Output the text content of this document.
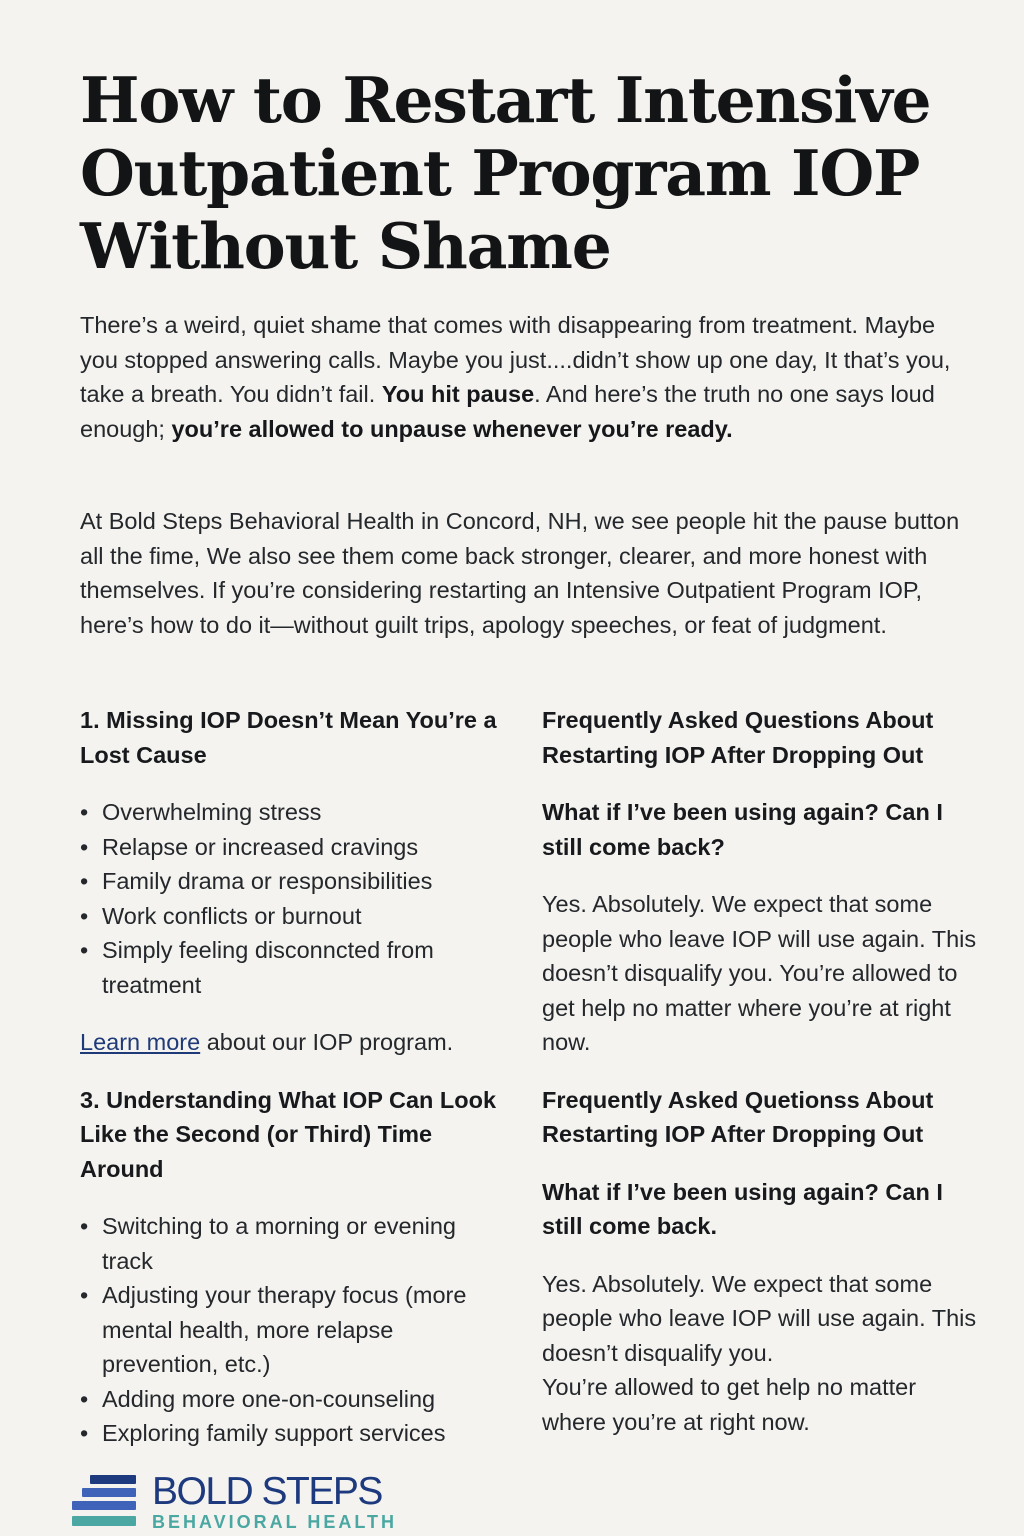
How to Restart Intensive Outpatient Program IOP Without Shame

There’s a weird, quiet shame that comes with disappearing from treatment. Maybe you stopped answering calls. Maybe you just....didn’t show up one day, It that’s you, take a breath. You didn’t fail. You hit pause. And here’s the truth no one says loud enough; you’re allowed to unpause whenever you’re ready.

At Bold Steps Behavioral Health in Concord, NH, we see people hit the pause button all the fime, We also see them come back stronger, clearer, and more honest with themselves. If you’re considering restarting an Intensive Outpatient Program IOP, here’s how to do it—without guilt trips, apology speeches, or feat of judgment.

1. Missing IOP Doesn’t Mean You’re a Lost Cause
• Overwhelming stress
• Relapse or increased cravings
• Family drama or responsibilities
• Work conflicts or burnout
• Simply feeling disconncted from treatment

Learn more about our IOP program.

3. Understanding What IOP Can Look Like the Second (or Third) Time Around
• Switching to a morning or evening track
• Adjusting your therapy focus (more mental health, more relapse prevention, etc.)
• Adding more one-on-counseling
• Exploring family support services
Frequently Asked Questions About Restarting IOP After Dropping Out
What if I’ve been using again? Can I still come back?

Yes. Absolutely. We expect that some people who leave IOP will use again. This doesn’t disqualify you. You’re allowed to get help no matter where you’re at right now.

Frequently Asked Quetionss About Restarting IOP After Dropping Out
What if I’ve been using again? Can I still come back.

Yes. Absolutely. We expect that some people who leave IOP will use again. This doesn’t disqualify you.

You’re allowed to get help no matter where you’re at right now.

BOLD STEPS
BEHAVIORAL HEALTH
